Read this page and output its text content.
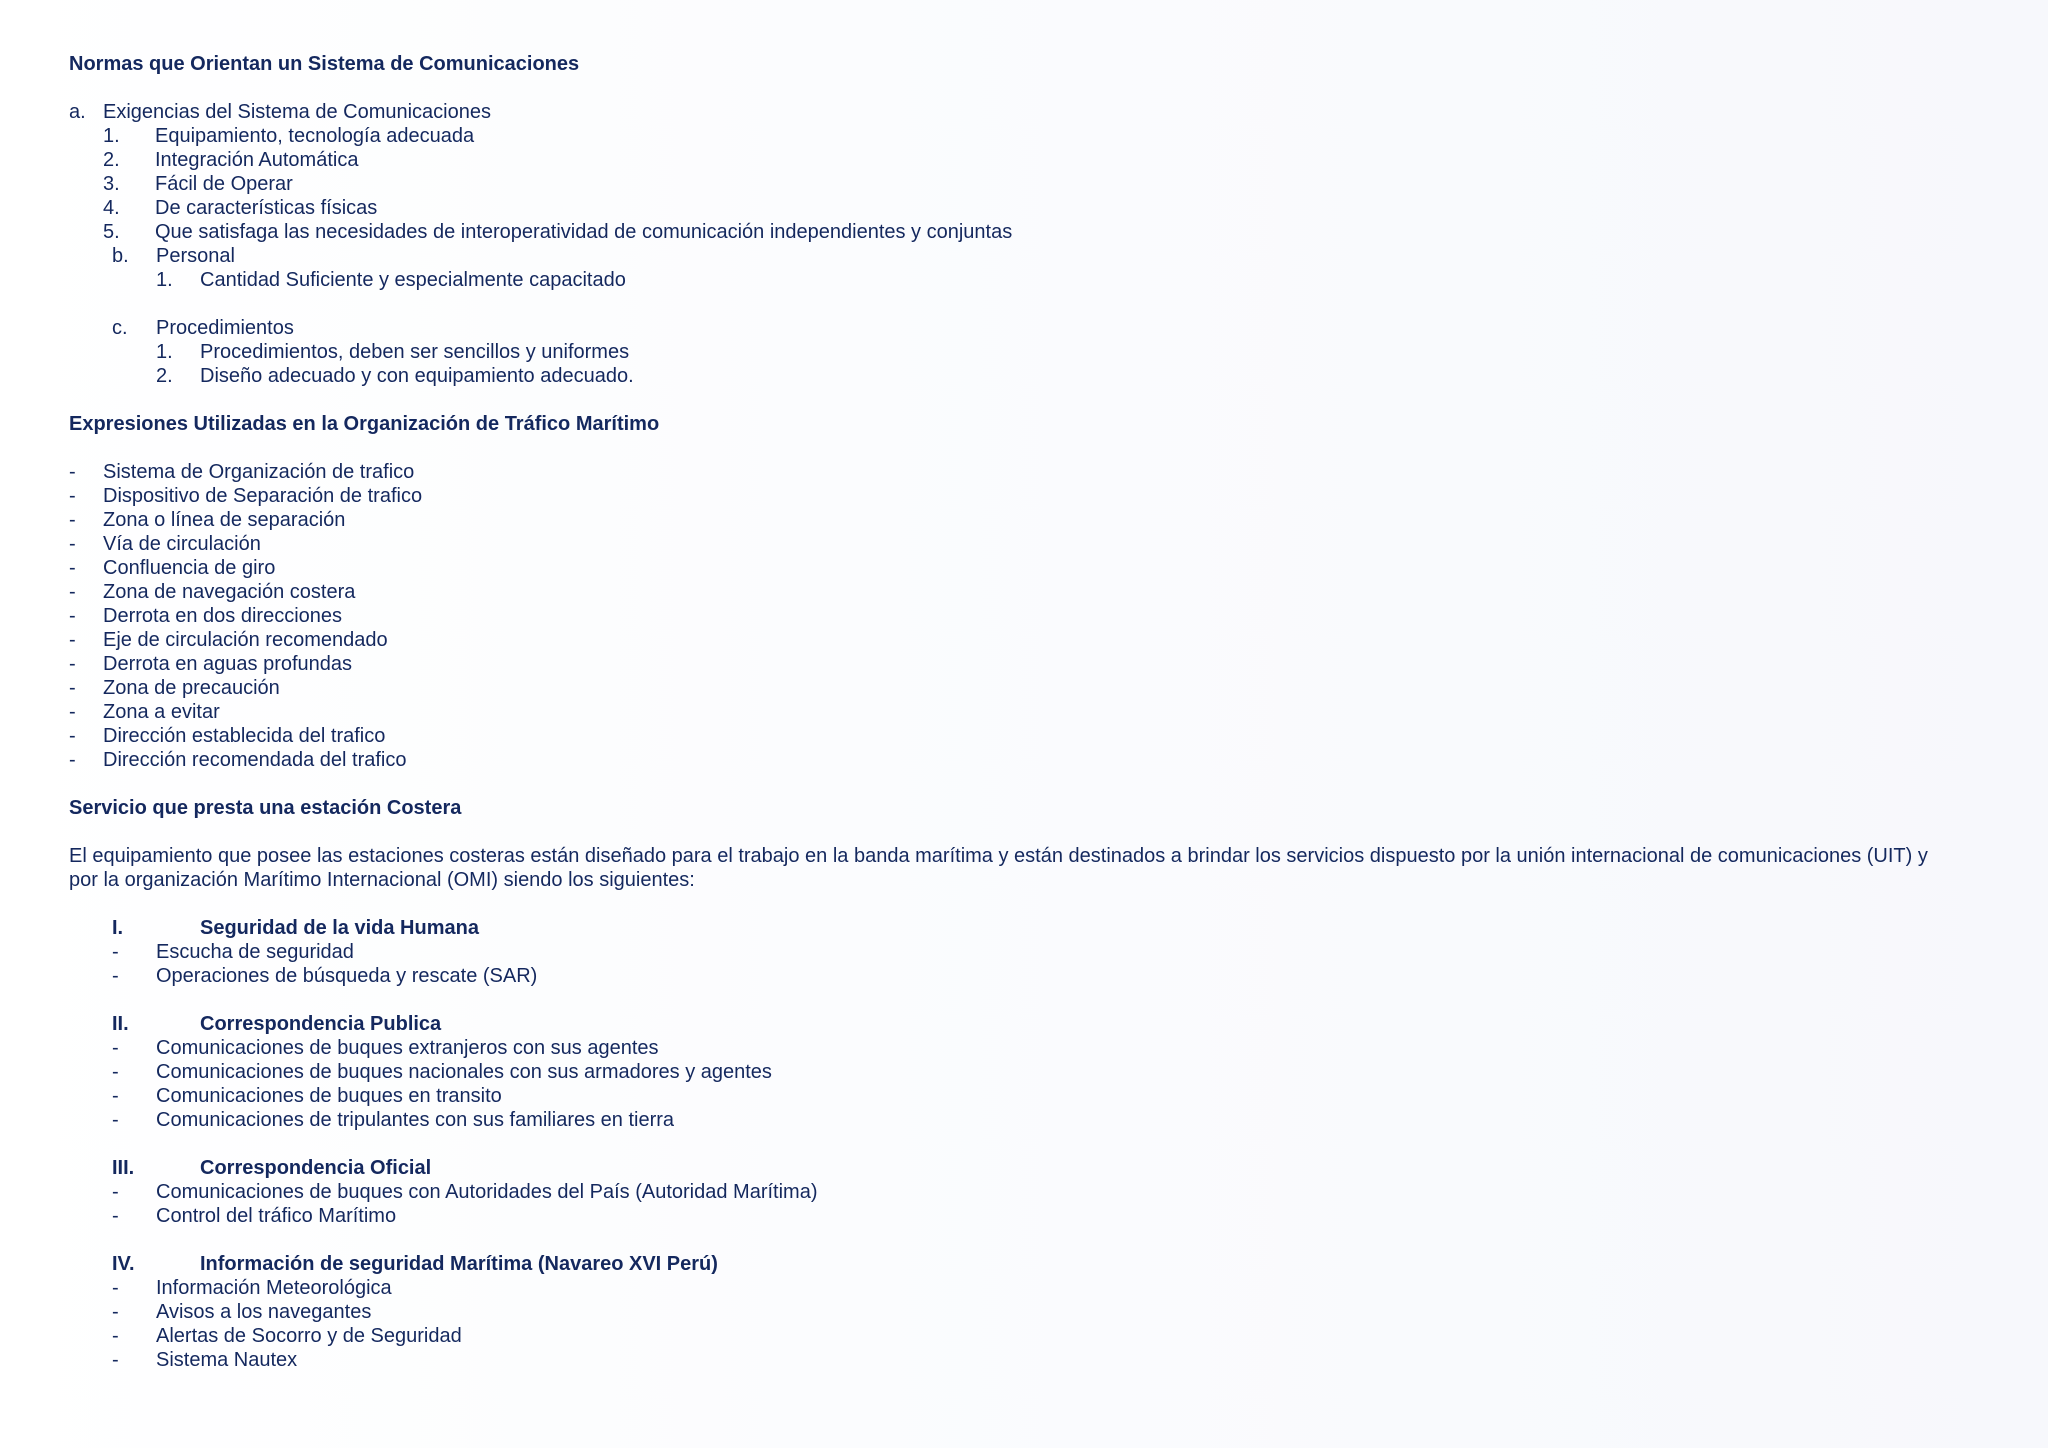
Normas que Orientan un Sistema de Comunicaciones
a. Exigencias del Sistema de Comunicaciones
1. Equipamiento, tecnología adecuada
2. Integración Automática
3. Fácil de Operar
4. De características físicas
5. Que satisfaga las necesidades de interoperatividad de comunicación independientes y conjuntas
b. Personal
1. Cantidad Suficiente y especialmente capacitado
c. Procedimientos
1. Procedimientos, deben ser sencillos y uniformes
2. Diseño adecuado y con equipamiento adecuado.
Expresiones Utilizadas en la Organización de Tráfico Marítimo
- Sistema de Organización de trafico
- Dispositivo de Separación de trafico
- Zona o línea de separación
- Vía de circulación
- Confluencia de giro
- Zona de navegación costera
- Derrota en dos direcciones
- Eje de circulación recomendado
- Derrota en aguas profundas
- Zona de precaución
- Zona a evitar
- Dirección establecida del trafico
- Dirección recomendada del trafico
Servicio que presta una estación Costera
El equipamiento que posee las estaciones costeras están diseñado para el trabajo en la banda marítima y están destinados a brindar los servicios dispuesto por la unión internacional de comunicaciones (UIT) y
por la organización Marítimo Internacional (OMI) siendo los siguientes:
I.	Seguridad de la vida Humana
- Escucha de seguridad
- Operaciones de búsqueda y rescate (SAR)
II.	Correspondencia Publica
- Comunicaciones de buques extranjeros con sus agentes
- Comunicaciones de buques nacionales con sus armadores y agentes
- Comunicaciones de buques en transito
- Comunicaciones de tripulantes con sus familiares en tierra
III.	Correspondencia Oficial
- Comunicaciones de buques con Autoridades del País (Autoridad Marítima)
- Control del tráfico Marítimo
IV.	Información de seguridad Marítima (Navareo XVI Perú)
- Información Meteorológica
- Avisos a los navegantes
- Alertas de Socorro y de Seguridad
- Sistema Nautex
